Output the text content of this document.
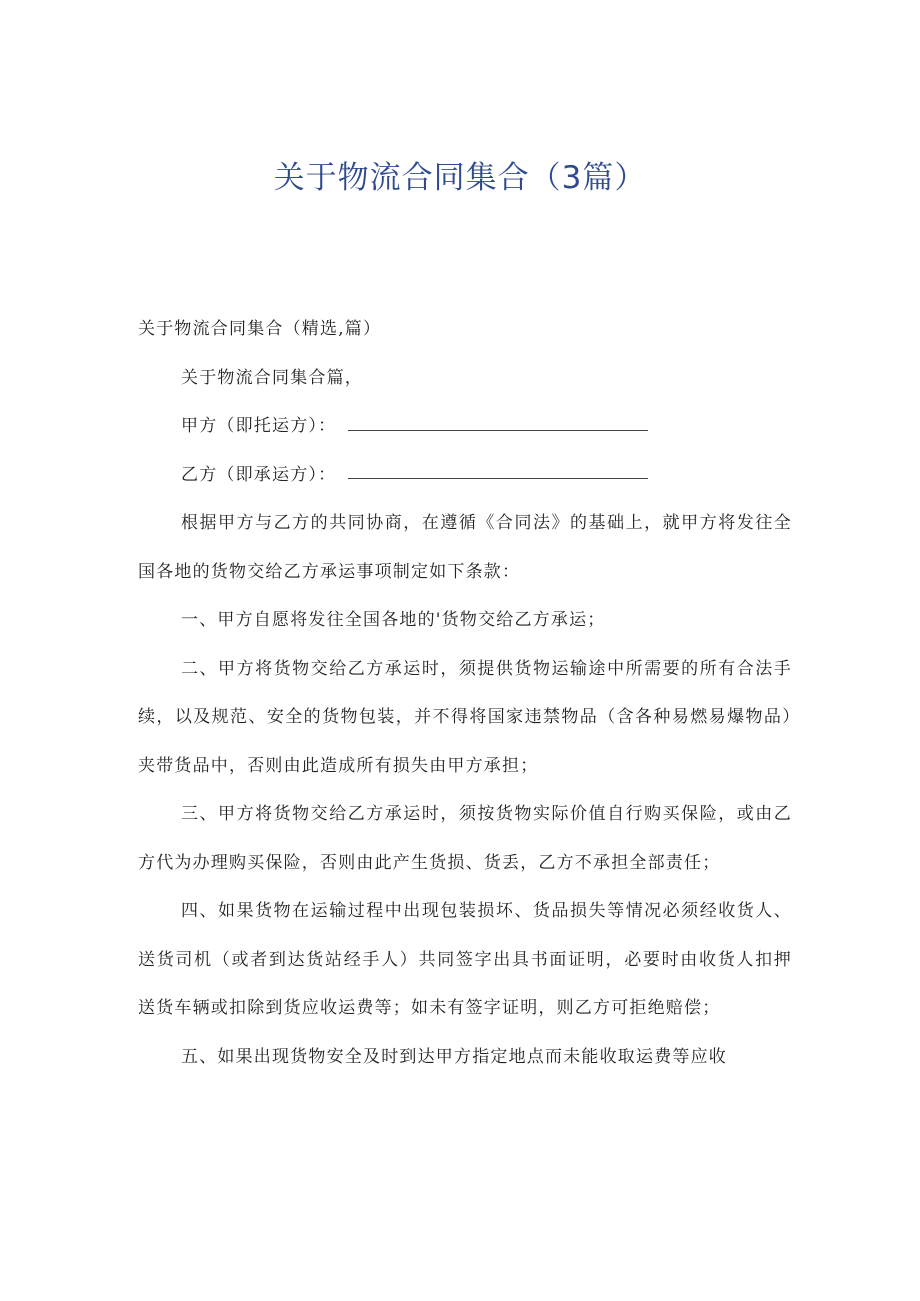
关于物流合同集合（3篇）

关于物流合同集合（精选,篇）

关于物流合同集合篇，

甲方（即托运方）：

乙方（即承运方）：

根据甲方与乙方的共同协商，在遵循《合同法》的基础上，就甲方将发往全国各地的货物交给乙方承运事项制定如下条款：

一、甲方自愿将发往全国各地的'货物交给乙方承运；

二、甲方将货物交给乙方承运时，须提供货物运输途中所需要的所有合法手续，以及规范、安全的货物包装，并不得将国家违禁物品（含各种易燃易爆物品）夹带货品中，否则由此造成所有损失由甲方承担；

三、甲方将货物交给乙方承运时，须按货物实际价值自行购买保险，或由乙方代为办理购买保险，否则由此产生货损、货丢，乙方不承担全部责任；

四、如果货物在运输过程中出现包装损坏、货品损失等情况必须经收货人、送货司机（或者到达货站经手人）共同签字出具书面证明，必要时由收货人扣押送货车辆或扣除到货应收运费等；如未有签字证明，则乙方可拒绝赔偿；

五、如果出现货物安全及时到达甲方指定地点而未能收取运费等应收
